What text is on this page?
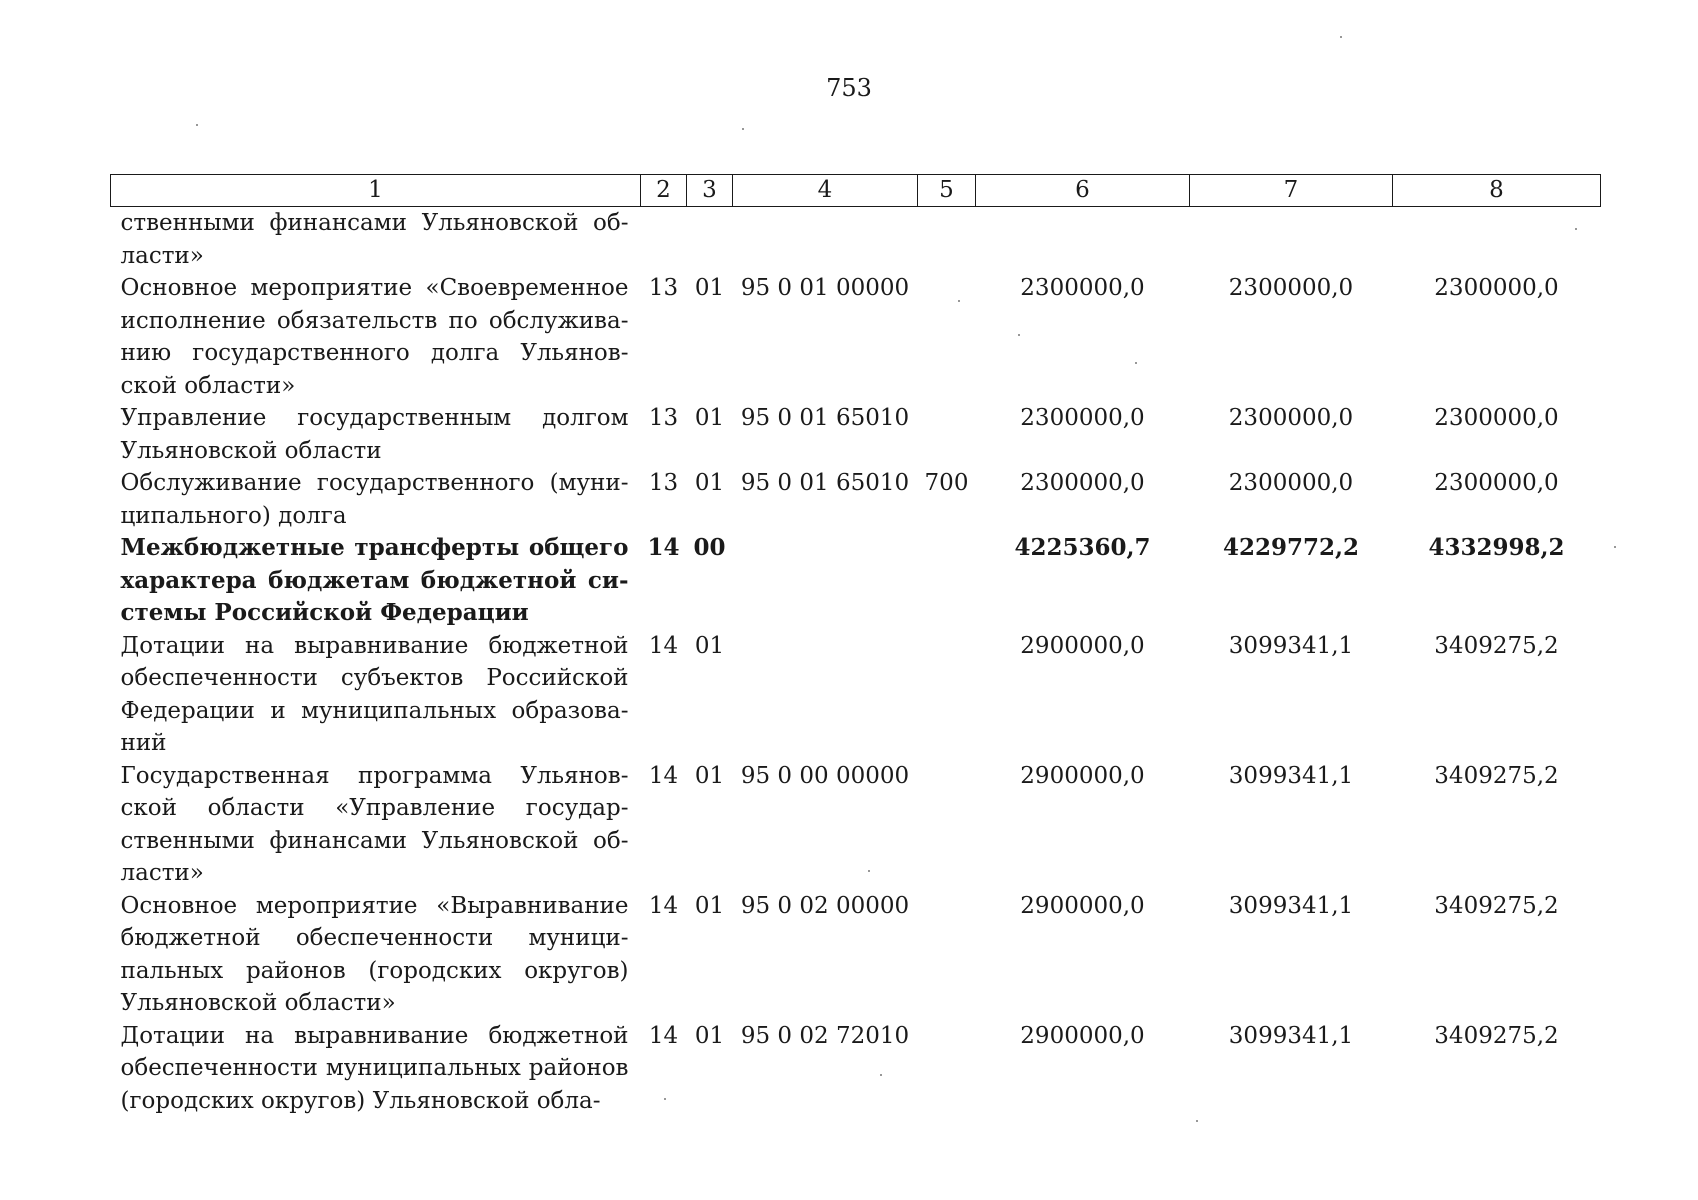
753
1	2	3	4	5	6	7	8
ственными финансами Ульяновской области»							
Основное мероприятие «Своевременное исполнение обязательств по обслуживанию государственного долга Ульяновской области»	13	01	95 0 01 00000		2300000,0	2300000,0	2300000,0
Управление государственным долгом Ульяновской области	13	01	95 0 01 65010		2300000,0	2300000,0	2300000,0
Обслуживание государственного (муниципального) долга	13	01	95 0 01 65010	700	2300000,0	2300000,0	2300000,0
Межбюджетные трансферты общего характера бюджетам бюджетной системы Российской Федерации	14	00			4225360,7	4229772,2	4332998,2
Дотации на выравнивание бюджетной обеспеченности субъектов Российской Федерации и муниципальных образований	14	01			2900000,0	3099341,1	3409275,2
Государственная программа Ульяновской области «Управление государственными финансами Ульяновской области»	14	01	95 0 00 00000		2900000,0	3099341,1	3409275,2
Основное мероприятие «Выравнивание бюджетной обеспеченности муниципальных районов (городских округов) Ульяновской области»	14	01	95 0 02 00000		2900000,0	3099341,1	3409275,2
Дотации на выравнивание бюджетной обеспеченности муниципальных районов (городских округов) Ульяновской обла-	14	01	95 0 02 72010		2900000,0	3099341,1	3409275,2
